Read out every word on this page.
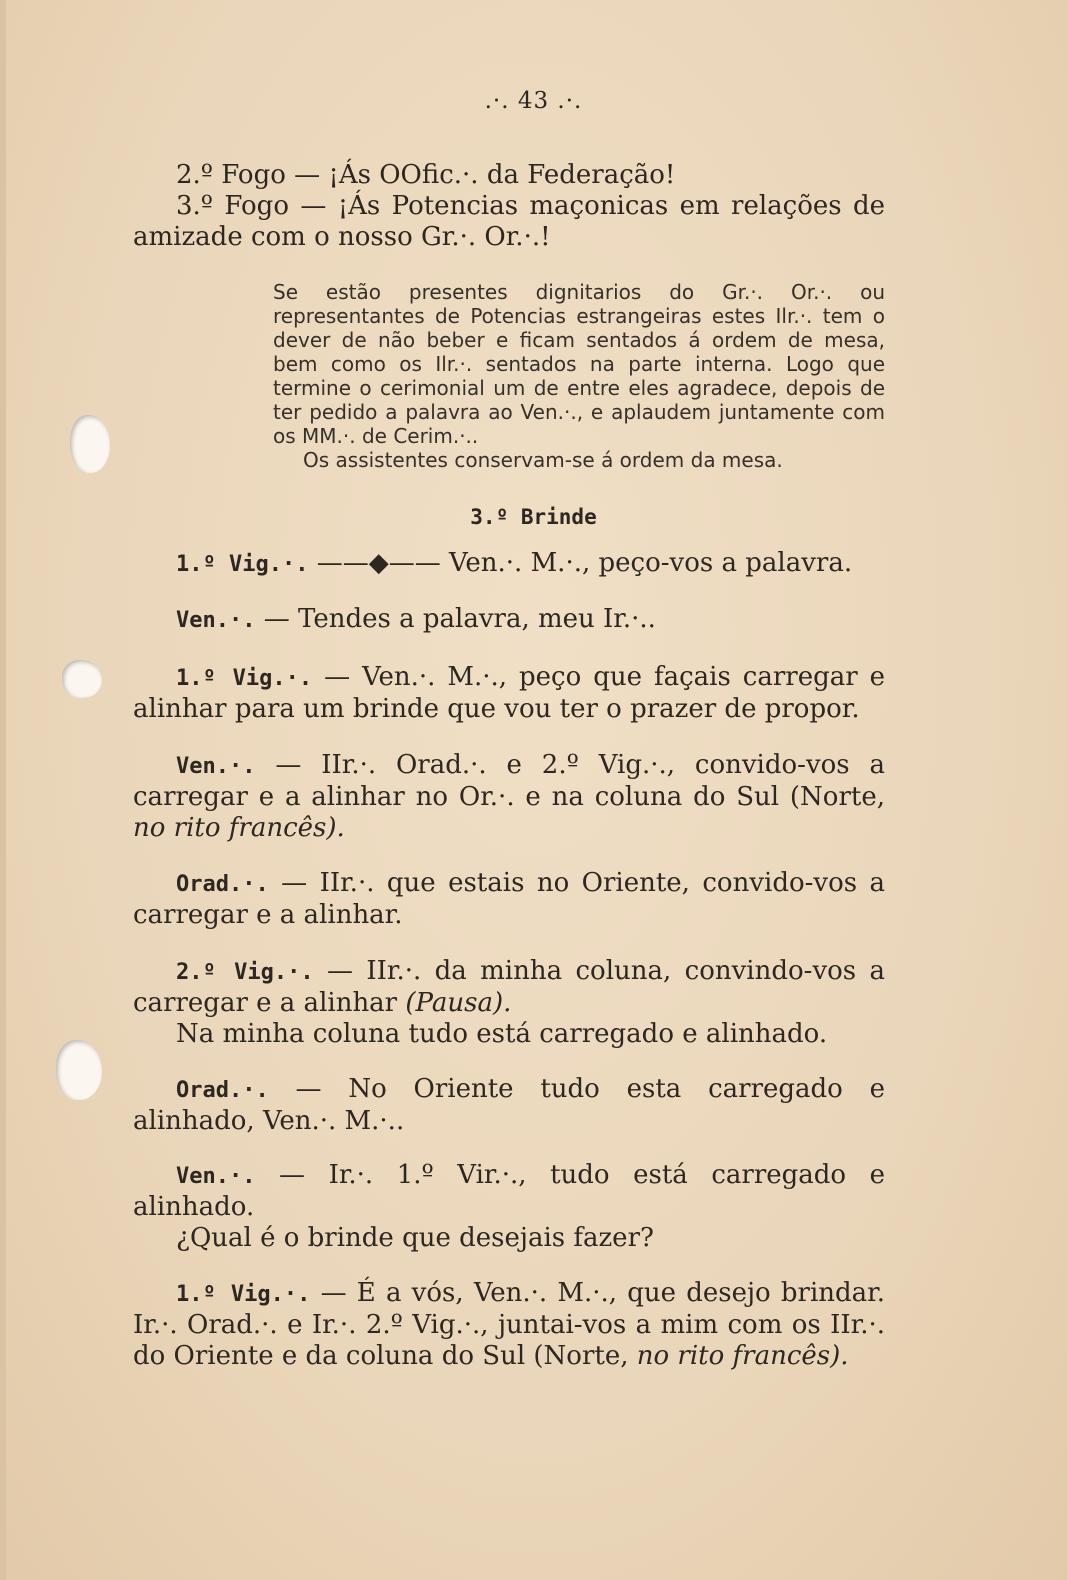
.·. 43 .·.

2.º Fogo — ¡Ás OOfic.·. da Federação!

3.º Fogo — ¡Ás Potencias maçonicas em relações de amizade com o nosso Gr.·. Or.·.!

Se estão presentes dignitarios do Gr.·. Or.·. ou representantes de Potencias estrangeiras estes Ilr.·. tem o dever de não beber e ficam sentados á ordem de mesa, bem como os Ilr.·. sentados na parte interna. Logo que termine o cerimonial um de entre eles agradece, depois de ter pedido a palavra ao Ven.·., e aplaudem juntamente com os MM.·. de Cerim.·..

Os assistentes conservam-se á ordem da mesa.

3.º Brinde

1.º Vig.·. ——◆—— Ven.·. M.·., peço-vos a palavra.

Ven.·. — Tendes a palavra, meu Ir.·..

1.º Vig.·. — Ven.·. M.·., peço que façais carregar e alinhar para um brinde que vou ter o prazer de propor.

Ven.·. — IIr.·. Orad.·. e 2.º Vig.·., convido-vos a carregar e a alinhar no Or.·. e na coluna do Sul (Norte, no rito francês).

Orad.·. — IIr.·. que estais no Oriente, convido-vos a carregar e a alinhar.

2.º Vig.·. — IIr.·. da minha coluna, convindo-vos a carregar e a alinhar (Pausa).

Na minha coluna tudo está carregado e alinhado.

Orad.·. — No Oriente tudo esta carregado e alinhado, Ven.·. M.·..

Ven.·. — Ir.·. 1.º Vir.·., tudo está carregado e alinhado.

¿Qual é o brinde que desejais fazer?

1.º Vig.·. — É a vós, Ven.·. M.·., que desejo brindar. Ir.·. Orad.·. e Ir.·. 2.º Vig.·., juntai-vos a mim com os IIr.·. do Oriente e da coluna do Sul (Norte, no rito francês).
